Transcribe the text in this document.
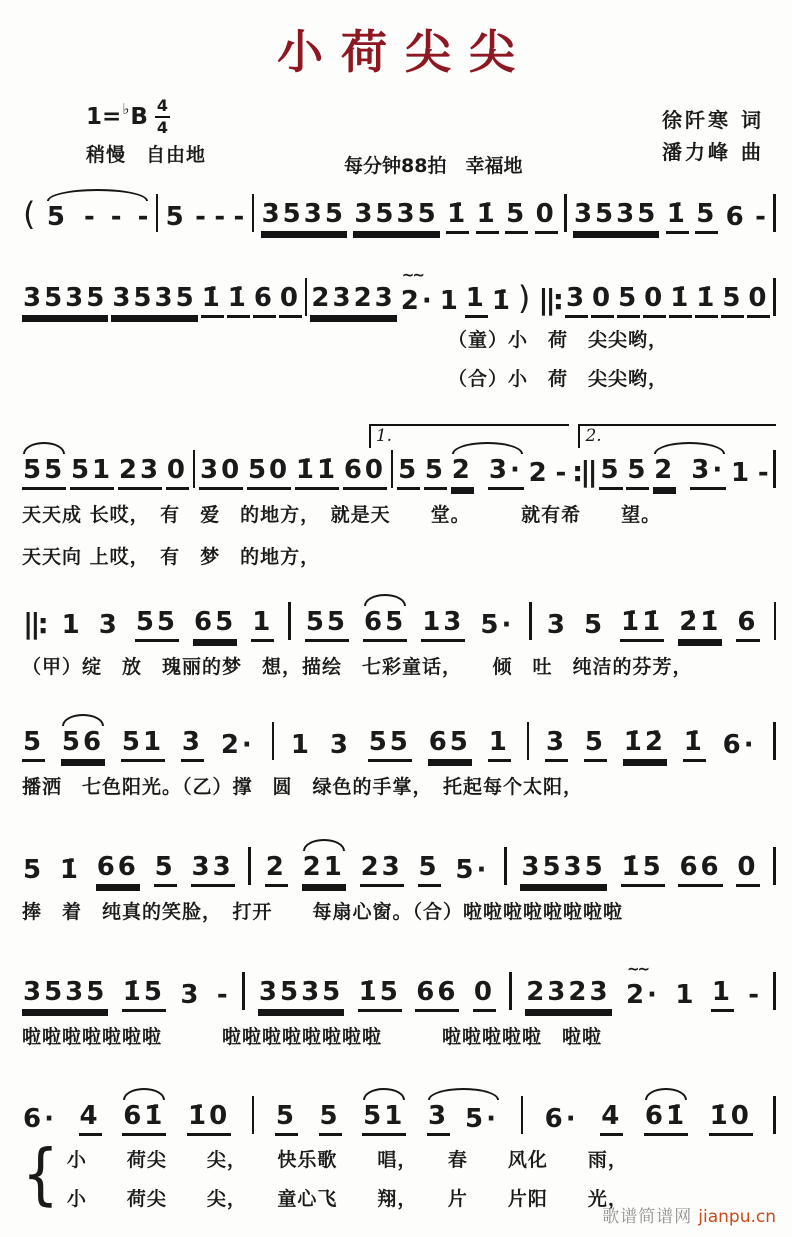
小荷尖尖
1= ♭ B $\frac{4}{4}$
稍慢　自由地	每分钟88拍　幸福地
徐阡寒 词
潘力峰 曲
( 5 - - - 5 - - - 3535 3535 1̇ 1̇ 5 0 3535 1̇ 5 6 -
3535 3535 1̇ 1̇ 6 0 2323 2·
~~
1 1 1̇ ) ||: 3 0 5 0 1̇ 1̇ 5 0
（童）小　荷　尖尖哟，
（合）小　荷　尖尖哟，
1.	2.
55 51 23 0 30 50 1̇1̇ 60 5 5 2 3· 2 - :|| 5 5 2 3· 1 -
天天成 长哎，　有　爱　的地方，　就是天　　堂。　　　就有希　　望。
天天向 上哎，　有　梦　的地方，
||: 1 3 55 65 1 55 65 13 5· 3 5 1̇1̇ 2̇1̇ 6
（甲）绽　放　瑰丽的梦　想，描绘　七彩童话，　　倾　吐　纯洁的芬芳，
5 56 51 3 2· 1 3 55 65 1 3 5 1̇2̇ 1̇ 6·
播洒　七色阳光。（乙）撑　圆　绿色的手掌，　托起每个太阳，
5 1̇ 66 5 33 2 21 23 5 5· 3535 1̇5 66 0
捧　着　纯真的笑脸，　打开　　每扇心窗。（合）啦啦啦啦啦啦啦啦
3535 1̇5 3 - 3535 1̇5 66 0 2323 2·
~~
1 1 -
啦啦啦啦啦啦啦　　　啦啦啦啦啦啦啦啦　　　啦啦啦啦啦　啦啦
6· 4 61̇ 1̇0 5 5 51 3 5· 6· 4 61̇ 1̇0
{ 小　　荷尖　　尖，　　快乐歌　　唱，　　春　　风化　　雨，
小　　荷尖　　尖，　　童心飞　　翔，　　片　　片阳　　光，
歌谱简谱网 jianpu.cn
